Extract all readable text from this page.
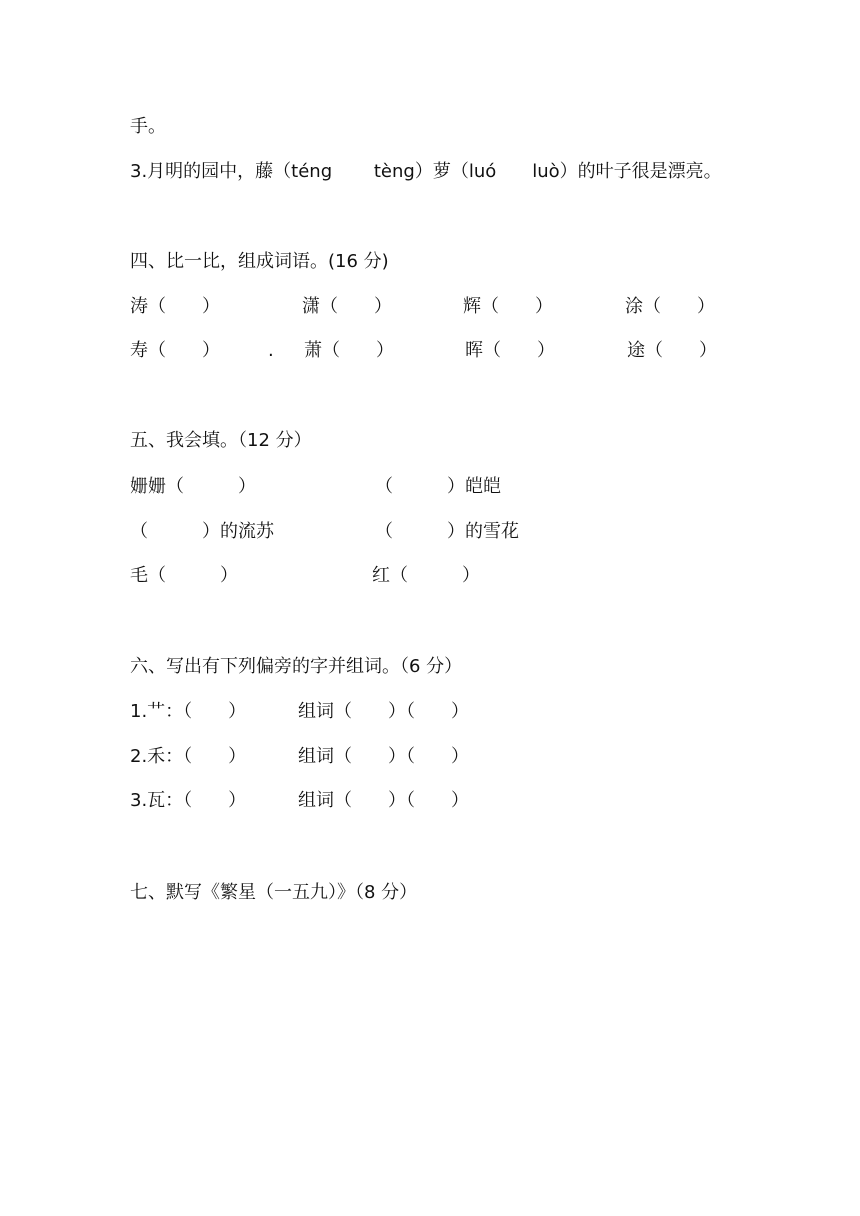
手。
3.月明的园中，藤（téng　　 tèng）萝（luó　　luò）的叶子很是漂亮。
四、比一比，组成词语。(16 分)
涛（　　）	潇（　　）	辉（　　）	涂（　　）
寿（　　）	. 萧（　　）	晖（　　）	途（　　）
五、我会填。（12 分）
姗姗（　　　）	（　　　）皑皑
（　　　）的流苏	（　　　）的雪花
毛（　　　）	红（　　　）
六、写出有下列偏旁的字并组词。（6 分）
1.艹：（　　）	组词（　　）（　　）
2.禾：（　　）	组词（　　）（　　）
3.瓦：（　　）	组词（　　）（　　）
七、默写《繁星（一五九）》（8 分）
